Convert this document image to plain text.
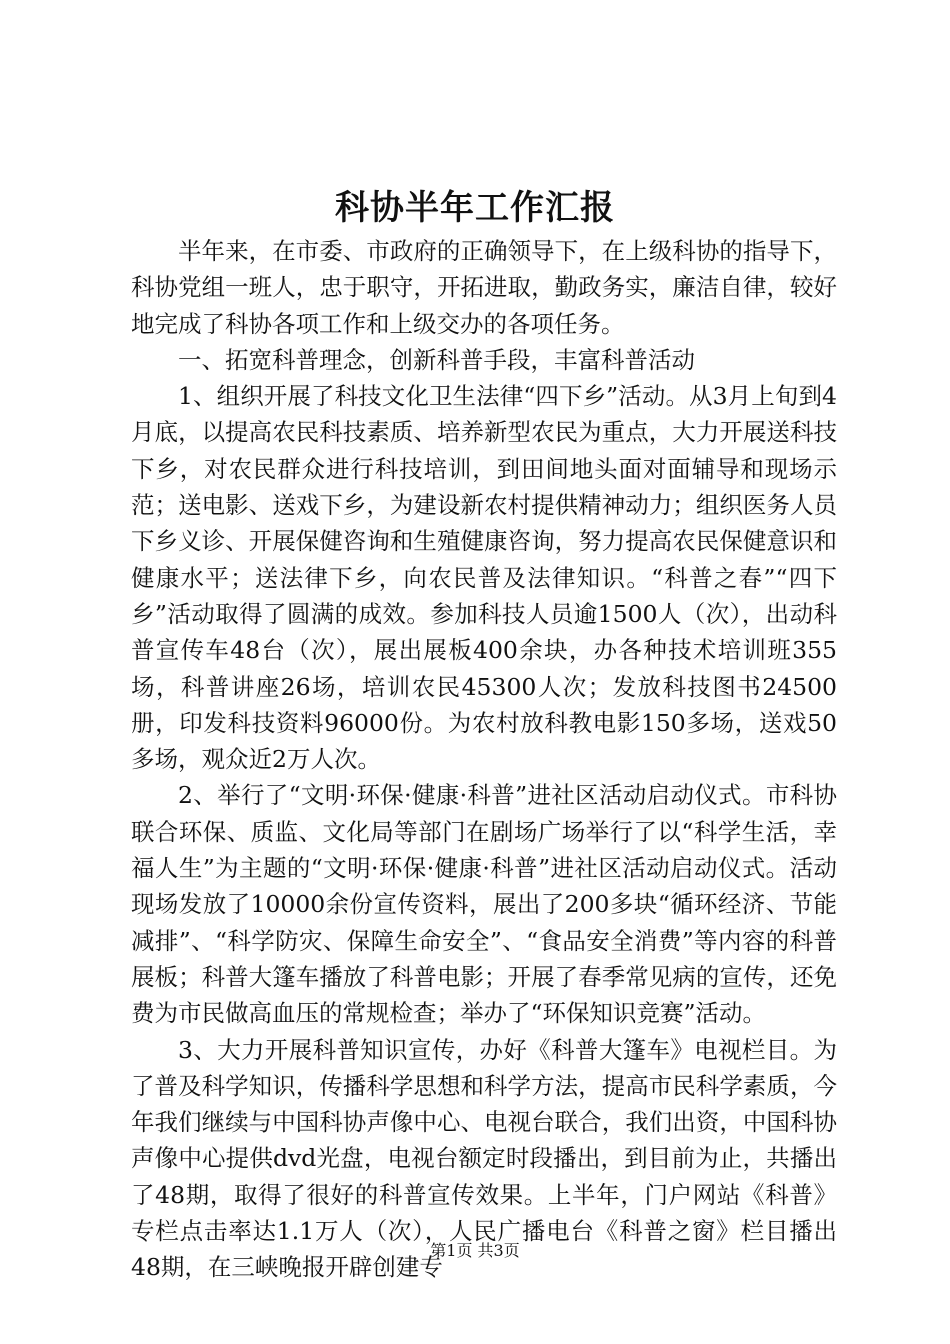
科协半年工作汇报

半年来，在市委、市政府的正确领导下，在上级科协的指导下，科协党组一班人，忠于职守，开拓进取，勤政务实，廉洁自律，较好地完成了科协各项工作和上级交办的各项任务。

一、拓宽科普理念，创新科普手段，丰富科普活动

1、组织开展了科技文化卫生法律“四下乡”活动。从3月上旬到4月底，以提高农民科技素质、培养新型农民为重点，大力开展送科技下乡，对农民群众进行科技培训，到田间地头面对面辅导和现场示范；送电影、送戏下乡，为建设新农村提供精神动力；组织医务人员下乡义诊、开展保健咨询和生殖健康咨询，努力提高农民保健意识和健康水平；送法律下乡，向农民普及法律知识。“科普之春”“四下乡”活动取得了圆满的成效。参加科技人员逾1500人（次），出动科普宣传车48台（次），展出展板400余块，办各种技术培训班355场，科普讲座26场，培训农民45300人次；发放科技图书24500册，印发科技资料96000份。为农村放科教电影150多场，送戏50多场，观众近2万人次。

2、举行了“文明·环保·健康·科普”进社区活动启动仪式。市科协联合环保、质监、文化局等部门在剧场广场举行了以“科学生活，幸福人生”为主题的“文明·环保·健康·科普”进社区活动启动仪式。活动现场发放了10000余份宣传资料，展出了200多块“循环经济、节能减排”、“科学防灾、保障生命安全”、“食品安全消费”等内容的科普展板；科普大篷车播放了科普电影；开展了春季常见病的宣传，还免费为市民做高血压的常规检查；举办了“环保知识竞赛”活动。

3、大力开展科普知识宣传，办好《科普大篷车》电视栏目。为了普及科学知识，传播科学思想和科学方法，提高市民科学素质，今年我们继续与中国科协声像中心、电视台联合，我们出资，中国科协声像中心提供dvd光盘，电视台额定时段播出，到目前为止，共播出了48期，取得了很好的科普宣传效果。上半年，门户网站《科普》专栏点击率达1.1万人（次），人民广播电台《科普之窗》栏目播出48期，在三峡晚报开辟创建专

第1页 共3页
